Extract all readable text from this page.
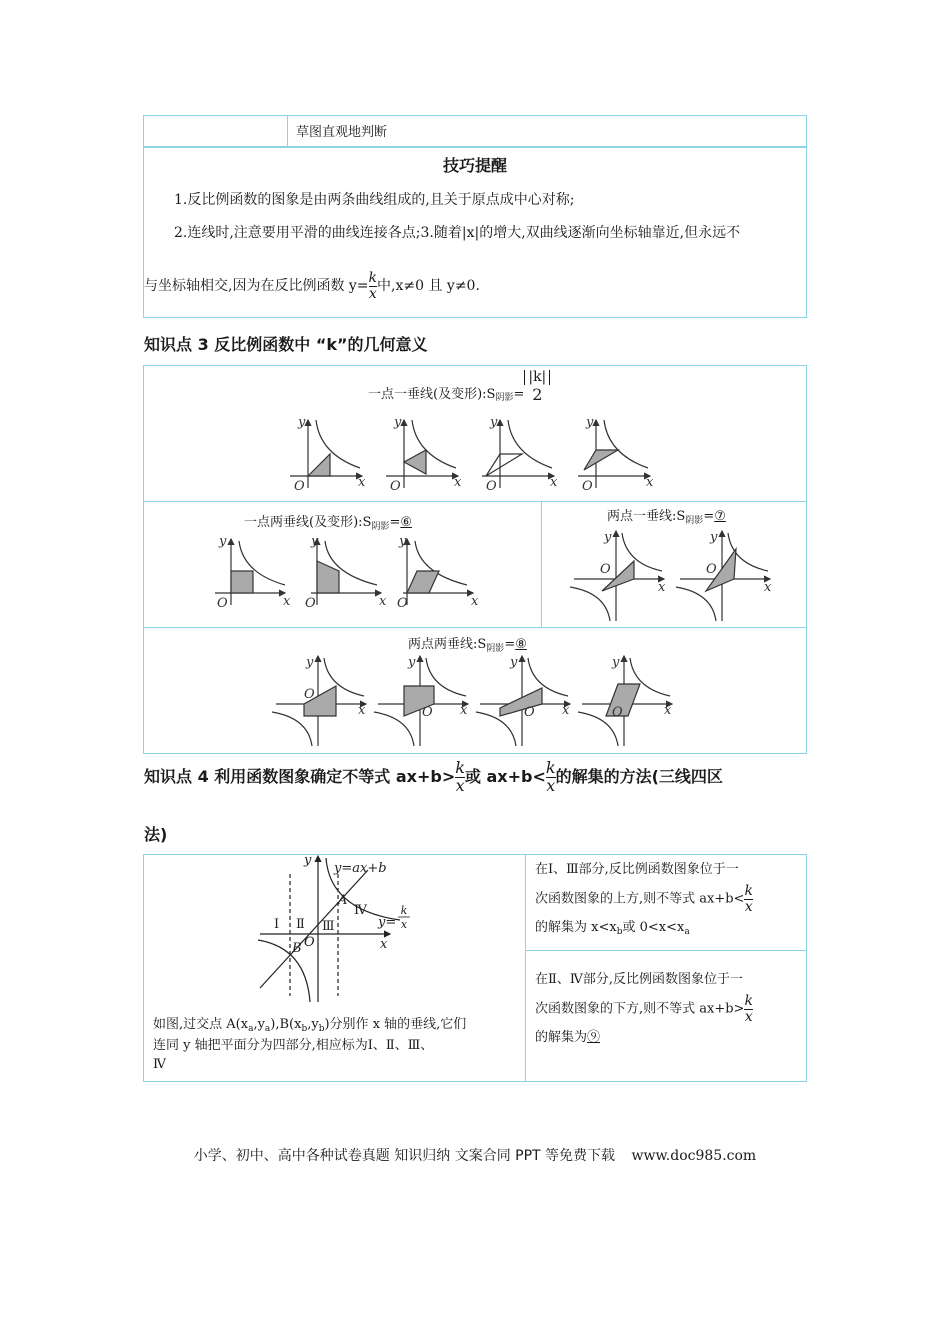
草图直观地判断
技巧提醒
1.反比例函数的图象是由两条曲线组成的,且关于原点成中心对称;
2.连线时,注意要用平滑的曲线连接各点;3.随着|x|的增大,双曲线逐渐向坐标轴靠近,但永远不
与坐标轴相交,因为在反比例函数 $y= \frac{k}{x}$ 中,x≠0 且 y≠0.
知识点 3 反比例函数中 “k”的几何意义
一点一垂线(及变形)$:S_{阴影}=$
|k|
2
y
x
O
y
x
O
y
x
O
y
x
O
一点两垂线(及变形)$:S_{阴影}=⑥$
y
x
O
y
x
O
y
x
O
两点一垂线$:S_{阴影}=⑦$
y
x
O
y
x
O
两点两垂线$:S_{阴影}=⑧$
y
x
O
y
x
O
y
x
O
y
x
O
知识点 4 利用函数图象确定不等式 $ax+b> \frac{k}{x}$ 或 $ax+b< \frac{k}{x}$ 的解集的方法(三线四区
法)
y
x
O
y=ax+b
A
B
y=
k
x
Ⅰ Ⅱ Ⅲ
Ⅳ
如图,过交点 $A(x_a,y_a),B(x_b,y_b)$分别作 x 轴的垂线,它们
连同 y 轴把平面分为四部分,相应标为Ⅰ、Ⅱ、Ⅲ、
Ⅳ
在Ⅰ、Ⅲ部分,反比例函数图象位于一
次函数图象的上方,则不等式 $ax+b< \frac{k}{x}$
的解集为 $x<x_b$或 $0<x<x_a$
在Ⅱ、Ⅳ部分,反比例函数图象位于一
次函数图象的下方,则不等式 $ax+b> \frac{k}{x}$
的解集为⑨
小学、初中、高中各种试卷真题 知识归纳 文案合同 PPT 等免费下载 www.doc985.com
